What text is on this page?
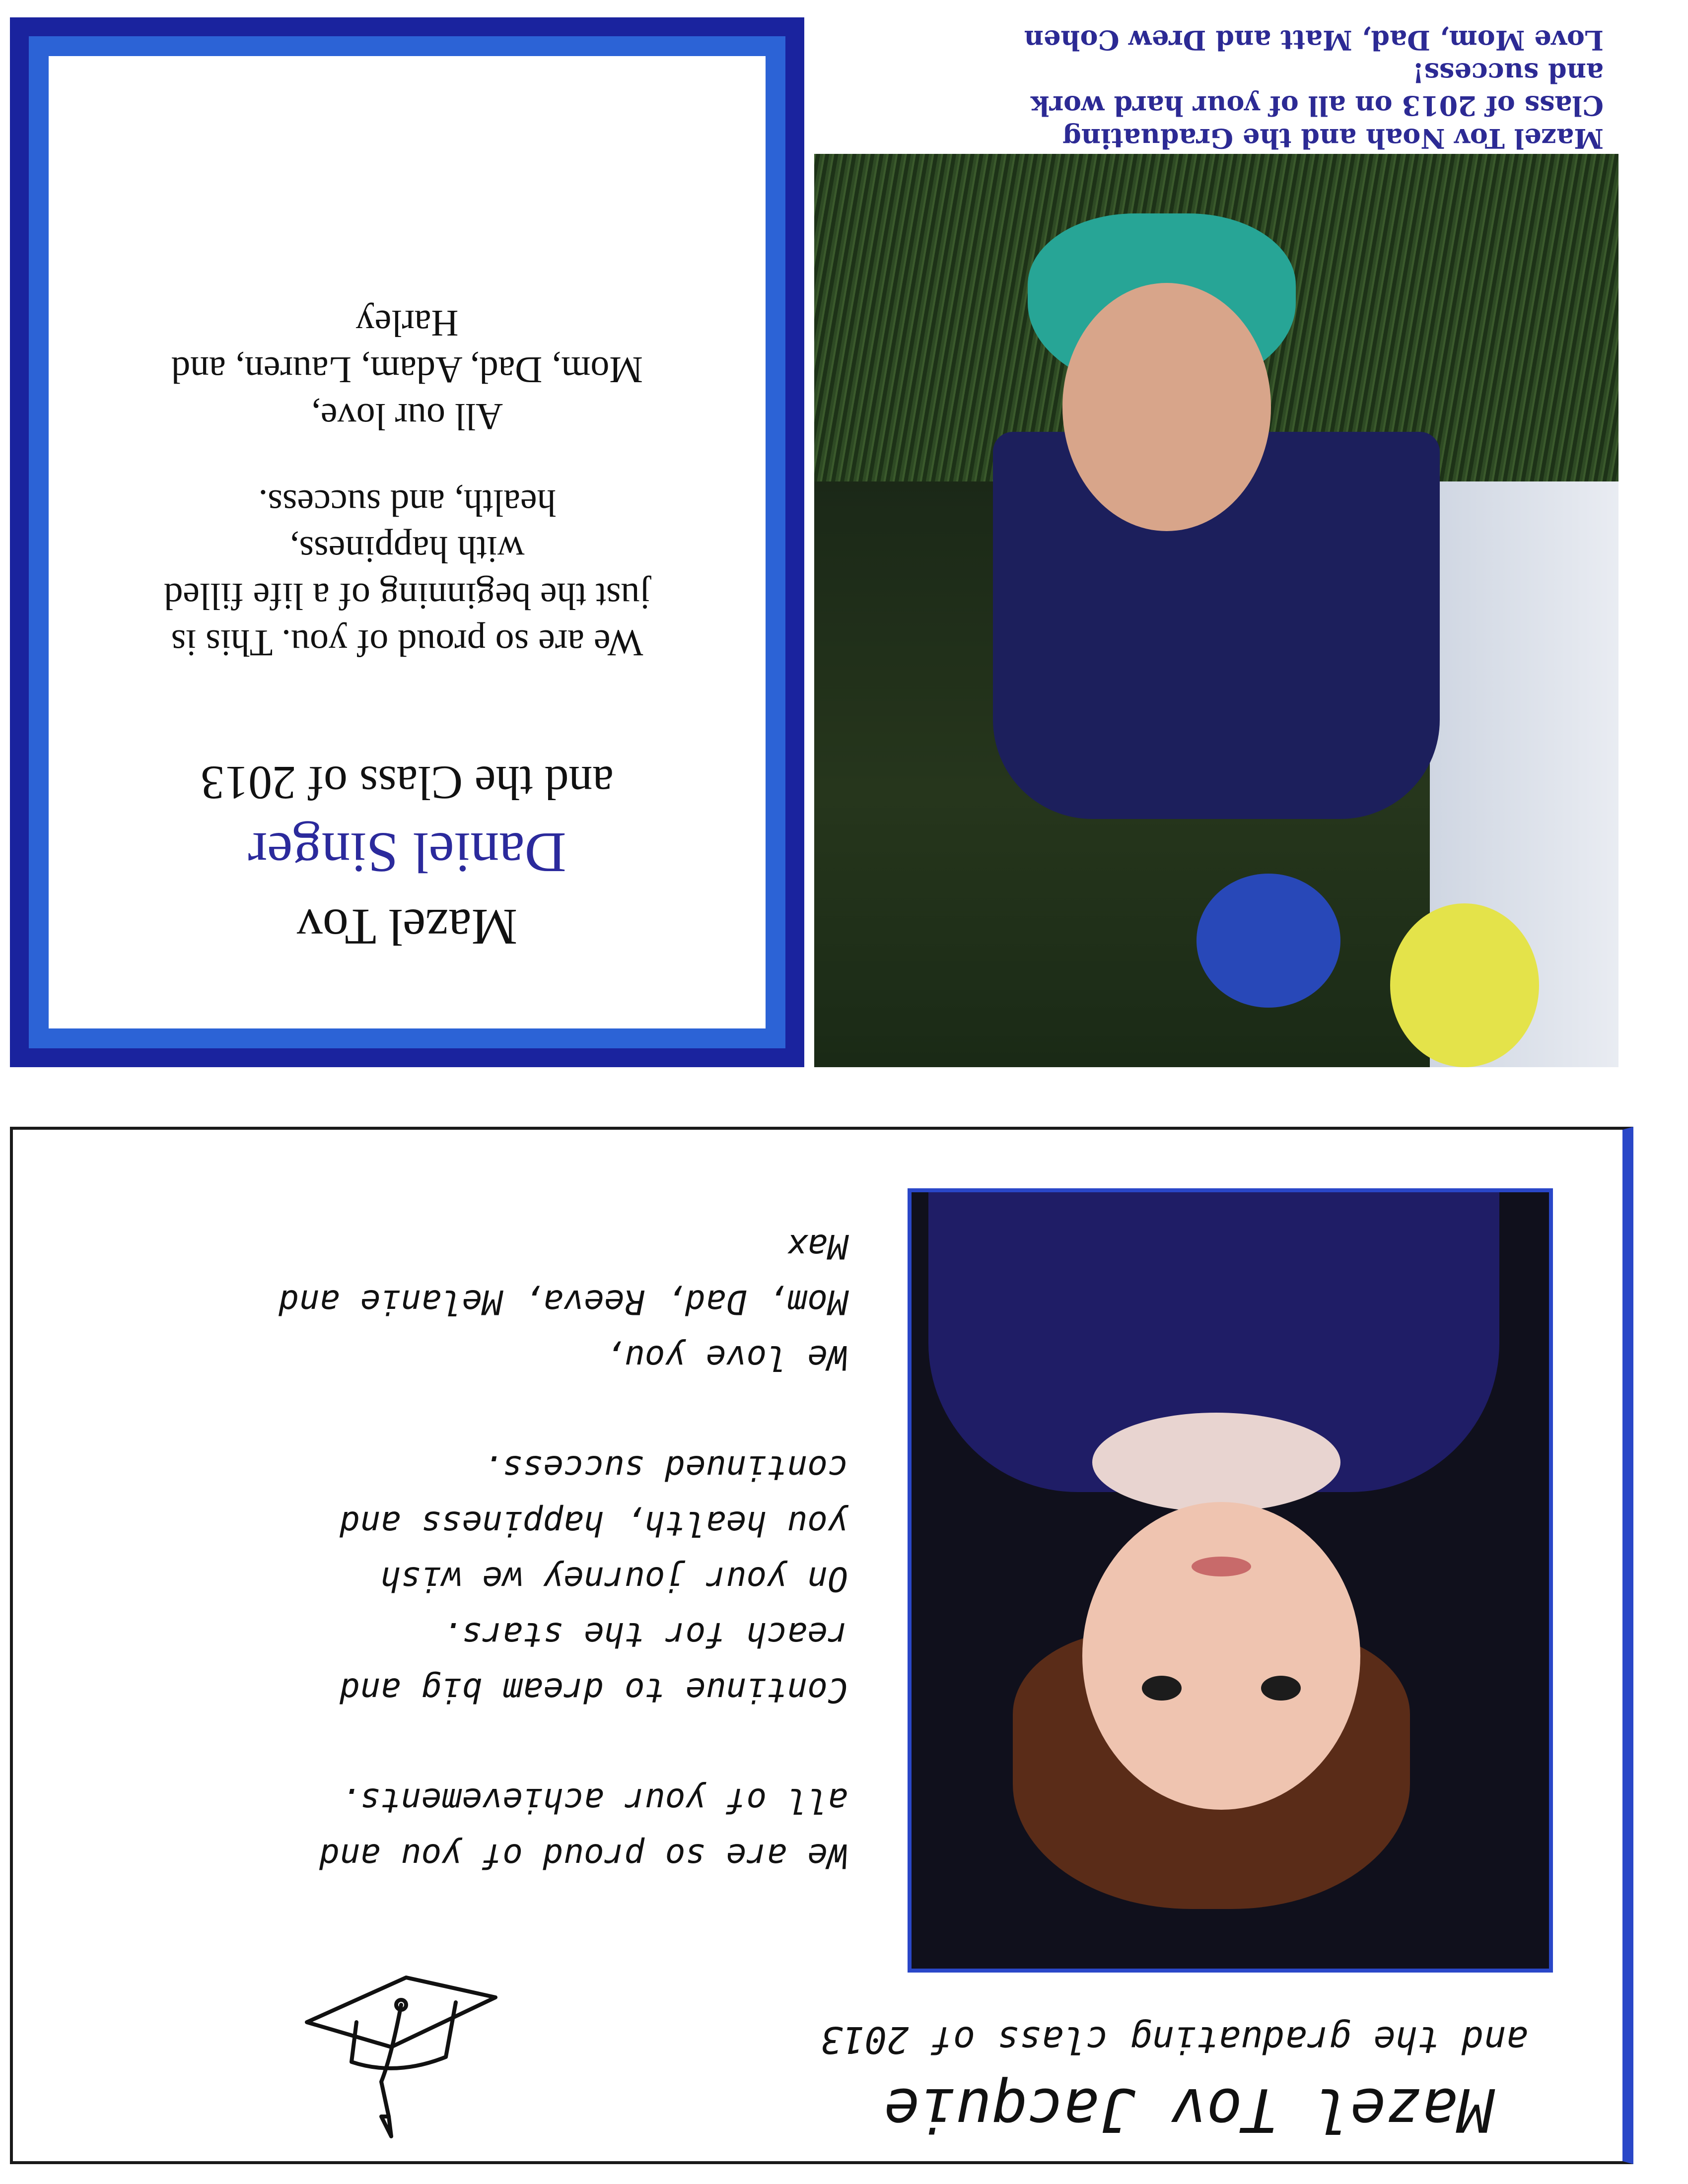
Mazel Tov Noah and the Graduating
Class of 2013 on all of your hard work
and success!
Love Mom, Dad, Matt and Drew Cohen
Mazel Tov
Daniel Singer
and the Class of 2013
We are so proud of you. This is
just the beginning of a life filled
with happiness,
health, and success.
All our love,
Mom, Dad, Adam, Lauren, and
Harley
Mazel Tov Jacquie
and the graduating class of 2013
We are so proud of you and
all of your achievements.
Continue to dream big and
reach for the stars.
On your journey we wish
you health, happiness and
continued success.
We love you,
Mom, Dad, Reeva, Melanie and
Max
